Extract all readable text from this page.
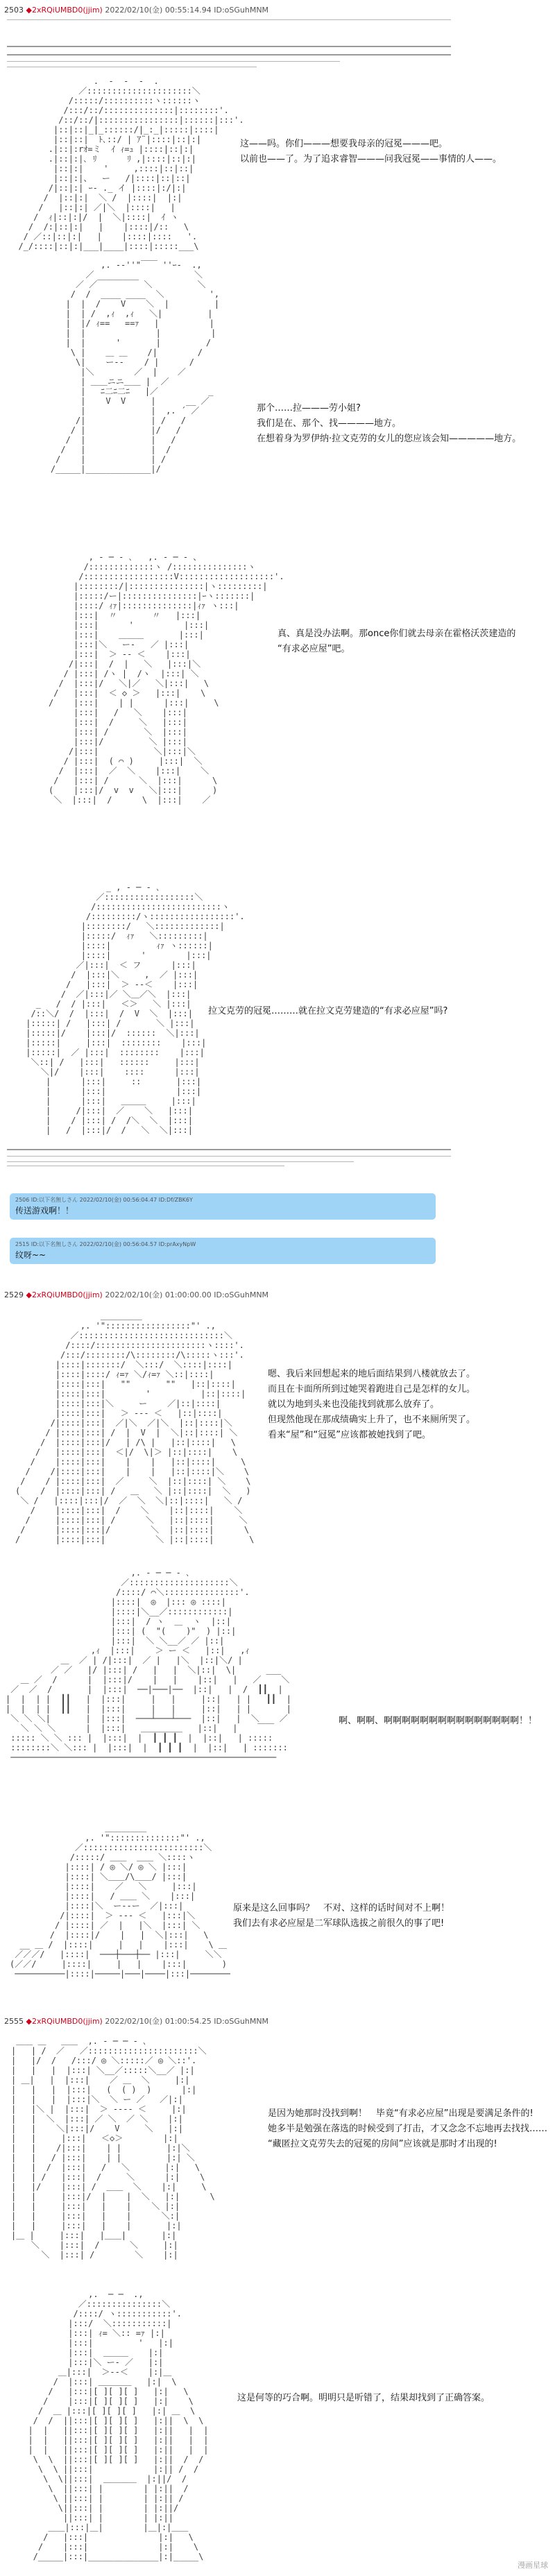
2503 ◆2xRQiUMBD0(jjim) 2022/02/10(金) 00:55:14.94 ID:oSGuhMNM
.  -  ‐  -  .
／:::::::::::::::::::::＼
/:::::/::::::::::ヽ::::::ヽ
/:::/::/::::::::::::::|::::::::'.
/::/::/|::::::::::::::::|::::::|:::'.
|::|::|_|_::::::/|_:_|:::::|::::|
|::|::|  ﾄ､::/ | ｱ¨|::::|::|:|
.|::|:rｵ=ミ  ｲ ｨ=ｭ |::::|::|:|
.|::|:|､ ﾘ      ﾘ ,|::::|::|:|
|::|:|    '     ,::::|::|::|
|::|:|、  ー   /|::::|::|::|
/|::|:| ｰ- ._ イ |::::|:/|:|
/  |::|:|  ＼ /  |::::|  |:|
/   |::|:| ／|＼  |::::|   |
/  ｨ|::|:|/  |  ＼|::::|  ｲ ヽ
/  /:|::|:|   |    |::::|/::   \
/ ／::|::|:|   |    |::::|::::   '.
/_/::::|::|:|___|____|::::|:::::___\
这——吗。你们———想要我母亲的冠冕———吧。
以前也——了。为了追求睿智———问我冠冕——事情的人——。
,. -‐''"￣￣ ''ｰ-  .,
／                    ＼
／ ／￣￣￣￣￣ ＼         ＼
/  /  ____ ____  ＼         ',
|  |  /    V    ＼  |         |
|  | /  ,ｨ  ,ｨ   ＼|         |
|  |/ ｨ==   ==ｧ   |          |
|  |              |          |
|  |      '       |         /
\ |    ＿ ＿    /|        /
\|    ー-‐    / |      /
|＼        ／  |    ／
| ＿＿ニニ＿＿ |  ／
|   ﾆ二ﾆ二ﾆ   |／          _
|    V  V     |      __ ／
|             |  ,. ´ ／
/|             | /   /
/ |             |/   /
/  |             |   /
/   |             |  /
/    |             | /
/_____|_____________|/
那个……拉———劳小姐?
我们是在、那个、找————地方。
在想着身为罗伊纳·拉文克劳的女儿的您应该会知—————地方。
, ‐ ─ ‐ ､   ,. ‐ ─ ‐ 、
/:::::::::::::ヽ /:::::::::::::::ヽ
/::::::::::::::::::V:::::::::::::::::::'.
|::::::::/|:::::::::::::::|ヽ:::::::::|
|:::::/ー|:::::::::::::::|ｰヽ:::::::|
|::::/ ｨｧ|::::::::::::::|ｨｧ ヽ:::|
|:::|  〃       〃   |:::|
|:::|      '          |:::|
|:::|    ＿＿＿       |:::|
|:::|＼   ー‐   ／ |:::|
|:::|  ＞ -- ＜    |:::|
/|:::|  /  |   ＼   |:::|＼
/ |:::| /ヽ |  /ヽ  |:::| ＼
/  |:::|/   ＼|／   ＼|:::|   \
/   |:::|  ＜ ◇ ＞   |:::|    \
/    |:::|    | |      |:::|     \
|:::|   /   ＼    |:::|
|:::|  /     ＼   |:::|
|:::| /       ＼  |:::|
|:::|/         ＼ |:::|
/|:::|           ＼|:::|＼
/ |:::|  ( ⌒ )     |:::|  ＼
/  |:::|  ／  ＼    |:::|    ＼
/   |:::| /      ＼  |:::|      \
(    |:::|/  v  v   ＼|:::|      )
＼  |:::|  /      \  |:::|    ／
真、真是没办法啊。那once你们就去母亲在霍格沃茨建造的
“有求必应屋”吧。
_ , ‐ ─ ‐ ､
／::::::::::::::::::＼
/:::::::::::::::::::::::::ヽ
/:::::::::/ヽ:::::::::::::::::'.
|::::::::/   ＼:::::::::::::|
|:::::/  ｨｧ   ＼:::::::::|
|::::|         ｨｧ ヽ::::::|
|::::|      '        |:::|
／|:::|  ＜ フ      |:::|
/  |:::|＼     ,  ／ |:::|
/   |:::|  ＞ --＜    |:::|
/  ／|:::|／ ＼＿／＼  |:::|
_   /  / |:::|   ＜＞   ＼ |:::|
/::＼/  /  |:::|  /  V  ＼  |:::|
|:::::| /   |:::| /       ＼ |:::|
|:::::|/    |:::|/  ::::::  ＼|:::|
|:::::|     |:::|  ::::::::    |:::|
|:::::|  ／ |:::|  ::::::::    |:::|
＼::| /   |:::|   ::::::     |:::|
＼|/    |:::|    ::::      |:::|
|      |:::|     ::       |:::|
|      |:::|              |:::|
|      |:::|   ＿＿＿     |:::|
|     /|:::|  ／    ＼   |:::|
|    / |:::| /  /＼  ＼  |:::|
|   /  |:::|/  /   ＼  ＼|:::|
拉文克劳的冠冕………就在拉文克劳建造的“有求必应屋”吗?
2506 ID:以下名無しさん 2022/02/10(金) 00:56:04.47 ID:Df/ZBK6Y
传送游戏啊！！
2515 ID:以下名無しさん 2022/02/10(金) 00:56:04.57 ID:prAxyNpW
纹呀~~
2529 ◆2xRQiUMBD0(jjim) 2022/02/10(金) 01:00:00.00 ID:oSGuhMNM
＿＿＿＿＿
,. '":::::::::::::::::"' .,
／:::::::::::::::::::::::::::::＼
/::::/::::::::::::::::::::::ヽ::::'.
/:::/::::::::/\::::::::/\:::::ヽ:::'.
|::::|:::::::/  ＼:::/  ＼::::|::::|
|::::|::::/ ｨ=ｧ ＼/ｨ=ｧ ＼::|::::|
|::::|:::|   ""       ""   |::|::::|
|::::|:::|        '          |::|::::|
|::::|:::|＼     ー    ／|::|::::|
|::::|:::|   ＞ --- ＜   |::|::::|
/|::::|:::|  ／|＼  ／|＼  |::|::::|＼
/ |::::|:::| /  |  V  |  ＼|::|::::| ＼
/  |::::|:::|/   | /\ |   |::|::::|   \
/   |::::|:::|  ＜|/  \|＞ |::|::::|    \
/    |::::|:::|    |    |   |::|::::|     \
/    /|::::|:::|    |    |   |::|::::|＼    \
/    / |::::|:::|  ／     ＼  |::|::::| ＼    \
(    /  |::::|:::| /   ＿   ＼ |::|::::|  ＼   )
＼ /   |::::|:::|/  ／  ＼  ＼|::|::::|   ＼ /
/    |::::|:::|  /    ＼    |::|::::|    ＼
/     |::::|:::| /      ＼   |::|::::|     ＼
/      |::::|:::|/        ＼  |::|::::|      \
/       |::::|:::|          ＼ |::|::::|       \
嗯、我后来回想起来的地后面结果到八楼就放去了。
而且在卡面所所到过她哭着跑进自己是怎样的女儿。
就以为地到头来也没能找到就那么放弃了。
但现然他现在那成绩确实上升了，也不来厕所哭了。
看来“屋”和“冠冕”应该都被她找到了吧。
,. ‐ ─ ─ ‐ ､
／::::::::::::::::::::＼
/::::/ ⌒＼:::::::::::::::'.
|::::|  ◎  |::: ◎ ::::|
|::::|＼__／::::::::::::|
|:::|  / ヽ  ＿  ヽ  |::|
|:::| (  "(    )"  ) |::|
|:::|  ＼ ＼__／ ／ |::|
,ｨ  |:::|    ＞ ー ＜   |::|   ,ｨ
＿  ／ | /|:::|  ／ |   |＼  |::|＼/ |
／ ／   |/ |:::| /   |   |  ＼|::|  \|      ___
＿ ／  /      |  |:::|/    |   |    |::|   |   ／    ＼
／  ／  /       |  |:::|  ──|───|──  |::|   |  /  ┃┃  |
|  |  | |  ┃┃   |  |:::|     |   |     |::|   | |   ┃┃  |
|  |  | |  ┃┃   |  |:::|     |   |     |::|   | |       |
＼ ＼ ＼|       |  |:::|  ───┴───┴───  |::|   |  ＼    ／
＼ ＼ ＼      |  |:::|   ＿＿＿＿＿   |::|   |    ￣￣
::::: ＼ ＼ ::: |  |:::|  |  ┃ ┃ ┃  |  |::|   | :::::
::::::::＼ ＼::: |  |:::|  |  ┃ ┃ ┃  |  |::|   | :::::::
─────────────────────────────────────────────────────
啊、啊啊、啊啊啊啊啊啊啊啊啊啊啊啊啊啊啊！！
＿＿＿＿＿
,. '"::::::::::::::"' .,
／::::::::::::::::::::::::＼
/:::::/ ＿＿  ＿＿ ＼::::ヽ
|::::| / ◎ ＼/ ◎ ＼ |:::|
|::::| ＼＿＿/\＿＿/ |:::|
|::::|    ／   ＼     |:::|
|::::|   / ＿＿ ＼    |:::|
|::::|＼  ー‐‐ー  ／|:::|
/|::::|  ＞ --- ＜   |:::|＼
/ |::::| ／  |   |＼  |:::| ＼
/  |::::|/    |   |  ＼|:::|   \
__ ＿ /  |::::|     |   |    |:::|    \ ＿
／／／/   |::::|  ───┼───┼── |:::|     ＼＼
(／／/     |::::|     |   |    |:::|       )
──────────|::::|─────|───|────|:::|────────
原来是这么回事吗？　不对、这样的话时间对不上啊！
我们去有求必应屋是二军球队选拔之前很久的事了吧!
2555 ◆2xRQiUMBD0(jjim) 2022/02/10(金) 01:00:54.25 ID:oSGuhMNM
＿＿ ＿   ＿＿  ,. ‐ ─ ─ ‐ ､
|   | /  ／   ／::::::::::::::::::::::＼
|   |/  /   /:::/ ◎ ＼:::::／ ◎ ＼::'.
|   |   |  |:::| ＼__／:::::＼__／ |:|
| ＿|   |  |:::|    ／ ＿  ＼     |:|
|   |   |  |:::|   (  ( )  )      |:|
|   |   |  |:::|＼  ＼ ー ／   ／|:|
|   |＼ |  |:::|  ＞ ---- ＜     |:|
|   |  ＼  |:::| ／ ＼  ／ ＼    |:|
|   |    ＼|:::|/    V     ＼   |:|
|   |     |:::|   ＜◇＞        |:|
|   |    /|:::|    | |         |:|＼
|   |   / |:::|    | |         |:| ＼
|   |  /  |:::|   /   ＼       |:|   \
|   | /   |:::|  /     ＼      |:|    \
|   |/    |:::| /  ＿＿  ＼    |:|     \
|   |     |:::|/  |    |  ＼   |:|      \
|   |     |:::|   |    |    ＼ |:|
|   |     |:::|   |    |      ＼:|
|   |     |:::|   |    |       |:|
|＿ |     |:::|   |＿＿|       |:|
＼    |:::|  /      ＼     |:|
＼  |:::| /        ＼    |:|
是因为她那时没找到啊！　毕竟“有求必应屋”出现是要满足条件的!
她多半是勉强在落选的时候受到了打击，才又念念不忘地再去找找……
“藏匿拉文克劳失去的冠冕的房间”应该就是那时才出现的!
,.  ─ ─  .,
／:::::::::::::::＼
/::::/ ヽ:::::::::::'.
|:::/  ＼:::::::::::|
|:::| ｨ= ＼:: =ｧ |:|
|:::|         '   |:|
|:::|  ＿＿＿    |:|
|:::|＼ ー‐ ／   |:|
＿|:::|  ＞--＜    |:|＿
/  |:::| ＿＿＿＿   |:|  \
/   |:::|[ ][ ][ ]   |:|   \
/    |:::|[ ][ ][ ]   |:|    \
/  ＿ |:::|[ ][ ][ ]   |:| ＿  \
/  /  ||:::|[ ][ ][ ]   |:||  \  \
|  |   ||:::|[ ][ ][ ]   |:||   |  |
|  |   ||:::|[ ][ ][ ]   |:||   |  |
|  |   ||:::|[ ][ ][ ]   |:||   |  |
\  \  ||:::|[ ][ ][ ]   |:||  /  /
\  \ ||:::|            |:|| /  /
\  \||:::|  ＿＿＿＿  |:||/  /
\  ||:::| |        | |:||  /
\ ||:::| |        | |:|| /
\||:::| |        | |:||/
||:::| |        | |:||
＿＿|:::|＿|        |＿|:|＿＿
/   |:::|              |:|   \
/    |:::|              |:|    \
/_____|:::|______________|:|_____\
这是何等的巧合啊。明明只是听错了，结果却找到了正确答案。
漫画星球
